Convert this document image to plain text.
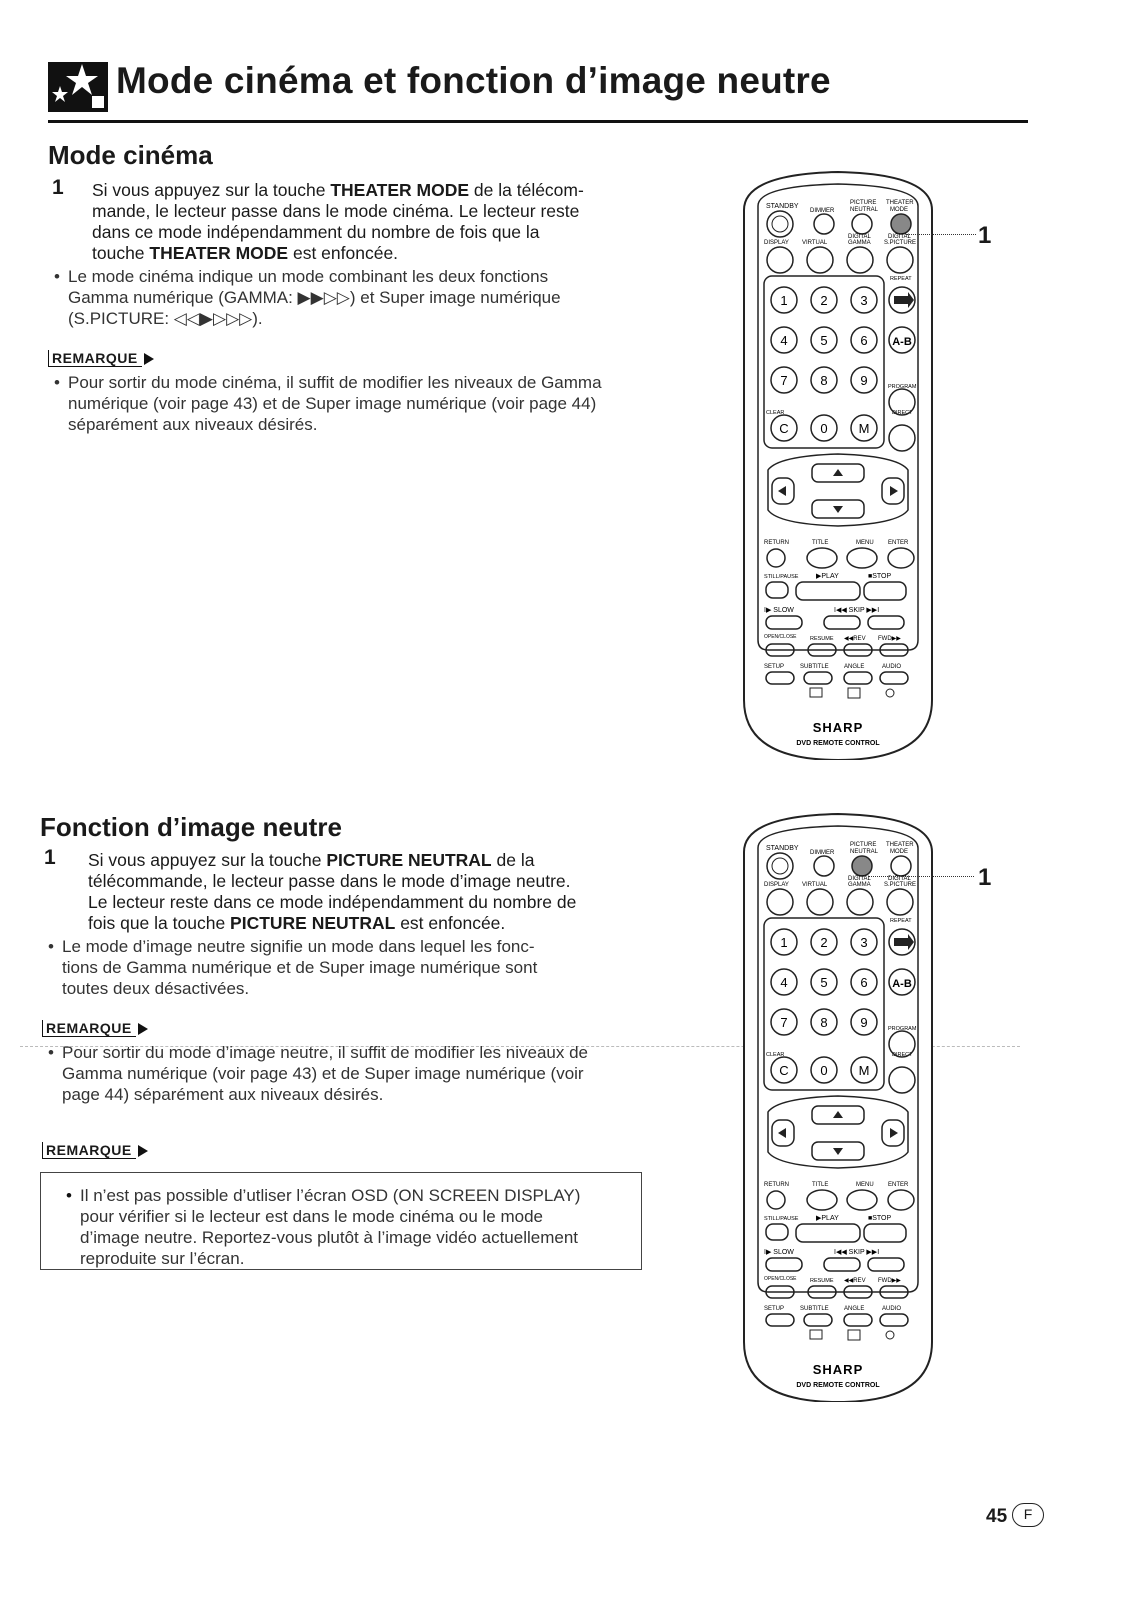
Mode cinéma et fonction d’image neutre
Mode cinéma
1 Si vous appuyez sur la touche THEATER MODE de la télécom-
mande, le lecteur passe dans le mode cinéma. Le lecteur reste
dans ce mode indépendamment du nombre de fois que la
touche THEATER MODE est enfoncée.
• Le mode cinéma indique un mode combinant les deux fonctions
Gamma numérique (GAMMA: ▶▶▷▷) et Super image numérique
(S.PICTURE: ◁◁▶▷▷▷).
REMARQUE
• Pour sortir du mode cinéma, il suffit de modifier les niveaux de Gamma
numérique (voir page 43) et de Super image numérique (voir page 44)
séparément aux niveaux désirés.
Fonction d’image neutre
1 Si vous appuyez sur la touche PICTURE NEUTRAL de la
télécommande, le lecteur passe dans le mode d’image neutre.
Le lecteur reste dans ce mode indépendamment du nombre de
fois que la touche PICTURE NEUTRAL est enfoncée.
• Le mode d’image neutre signifie un mode dans lequel les fonc-
tions de Gamma numérique et de Super image numérique sont
toutes deux désactivées.
REMARQUE
• Pour sortir du mode d’image neutre, il suffit de modifier les niveaux de
Gamma numérique (voir page 43) et de Super image numérique (voir
page 44) séparément aux niveaux désirés.
REMARQUE
• Il n’est pas possible d’utliser l’écran OSD (ON SCREEN DISPLAY)
pour vérifier si le lecteur est dans le mode cinéma ou le mode
d’image neutre. Reportez-vous plutôt à l’image vidéo actuellement
reproduite sur l’écran.
STANDBY
DIMMER
PICTURE
NEUTRAL
THEATER
MODE
DISPLAY VIRTUAL
DIGITAL
GAMMA
DIGITAL
S.PICTURE
REPEAT
PROGRAM
CLEAR	DIRECT
1	2	3
4	5	6
7	8	9
C 0 M
A-B
RETURN	TITLE	MENU ENTER
STILL/PAUSE	▶PLAY	■STOP
I▶ SLOW	I◀◀ SKIP ▶▶I
OPEN/CLOSE RESUME ◀◀REV FWD▶▶
SETUP	SUBTITLE	ANGLE	AUDIO
SHARP
DVD REMOTE CONTROL
STANDBY
DIMMER
PICTURE
NEUTRAL
THEATER
MODE
DISPLAY VIRTUAL
DIGITAL
GAMMA
DIGITAL
S.PICTURE
REPEAT
PROGRAM
CLEAR	DIRECT
1	2	3
4	5	6
7	8	9
C 0 M
A-B
RETURN	TITLE	MENU ENTER
STILL/PAUSE	▶PLAY	■STOP
I▶ SLOW	I◀◀ SKIP ▶▶I
OPEN/CLOSE RESUME ◀◀REV FWD▶▶
SETUP	SUBTITLE	ANGLE	AUDIO
SHARP
DVD REMOTE CONTROL
1
1
45	F
